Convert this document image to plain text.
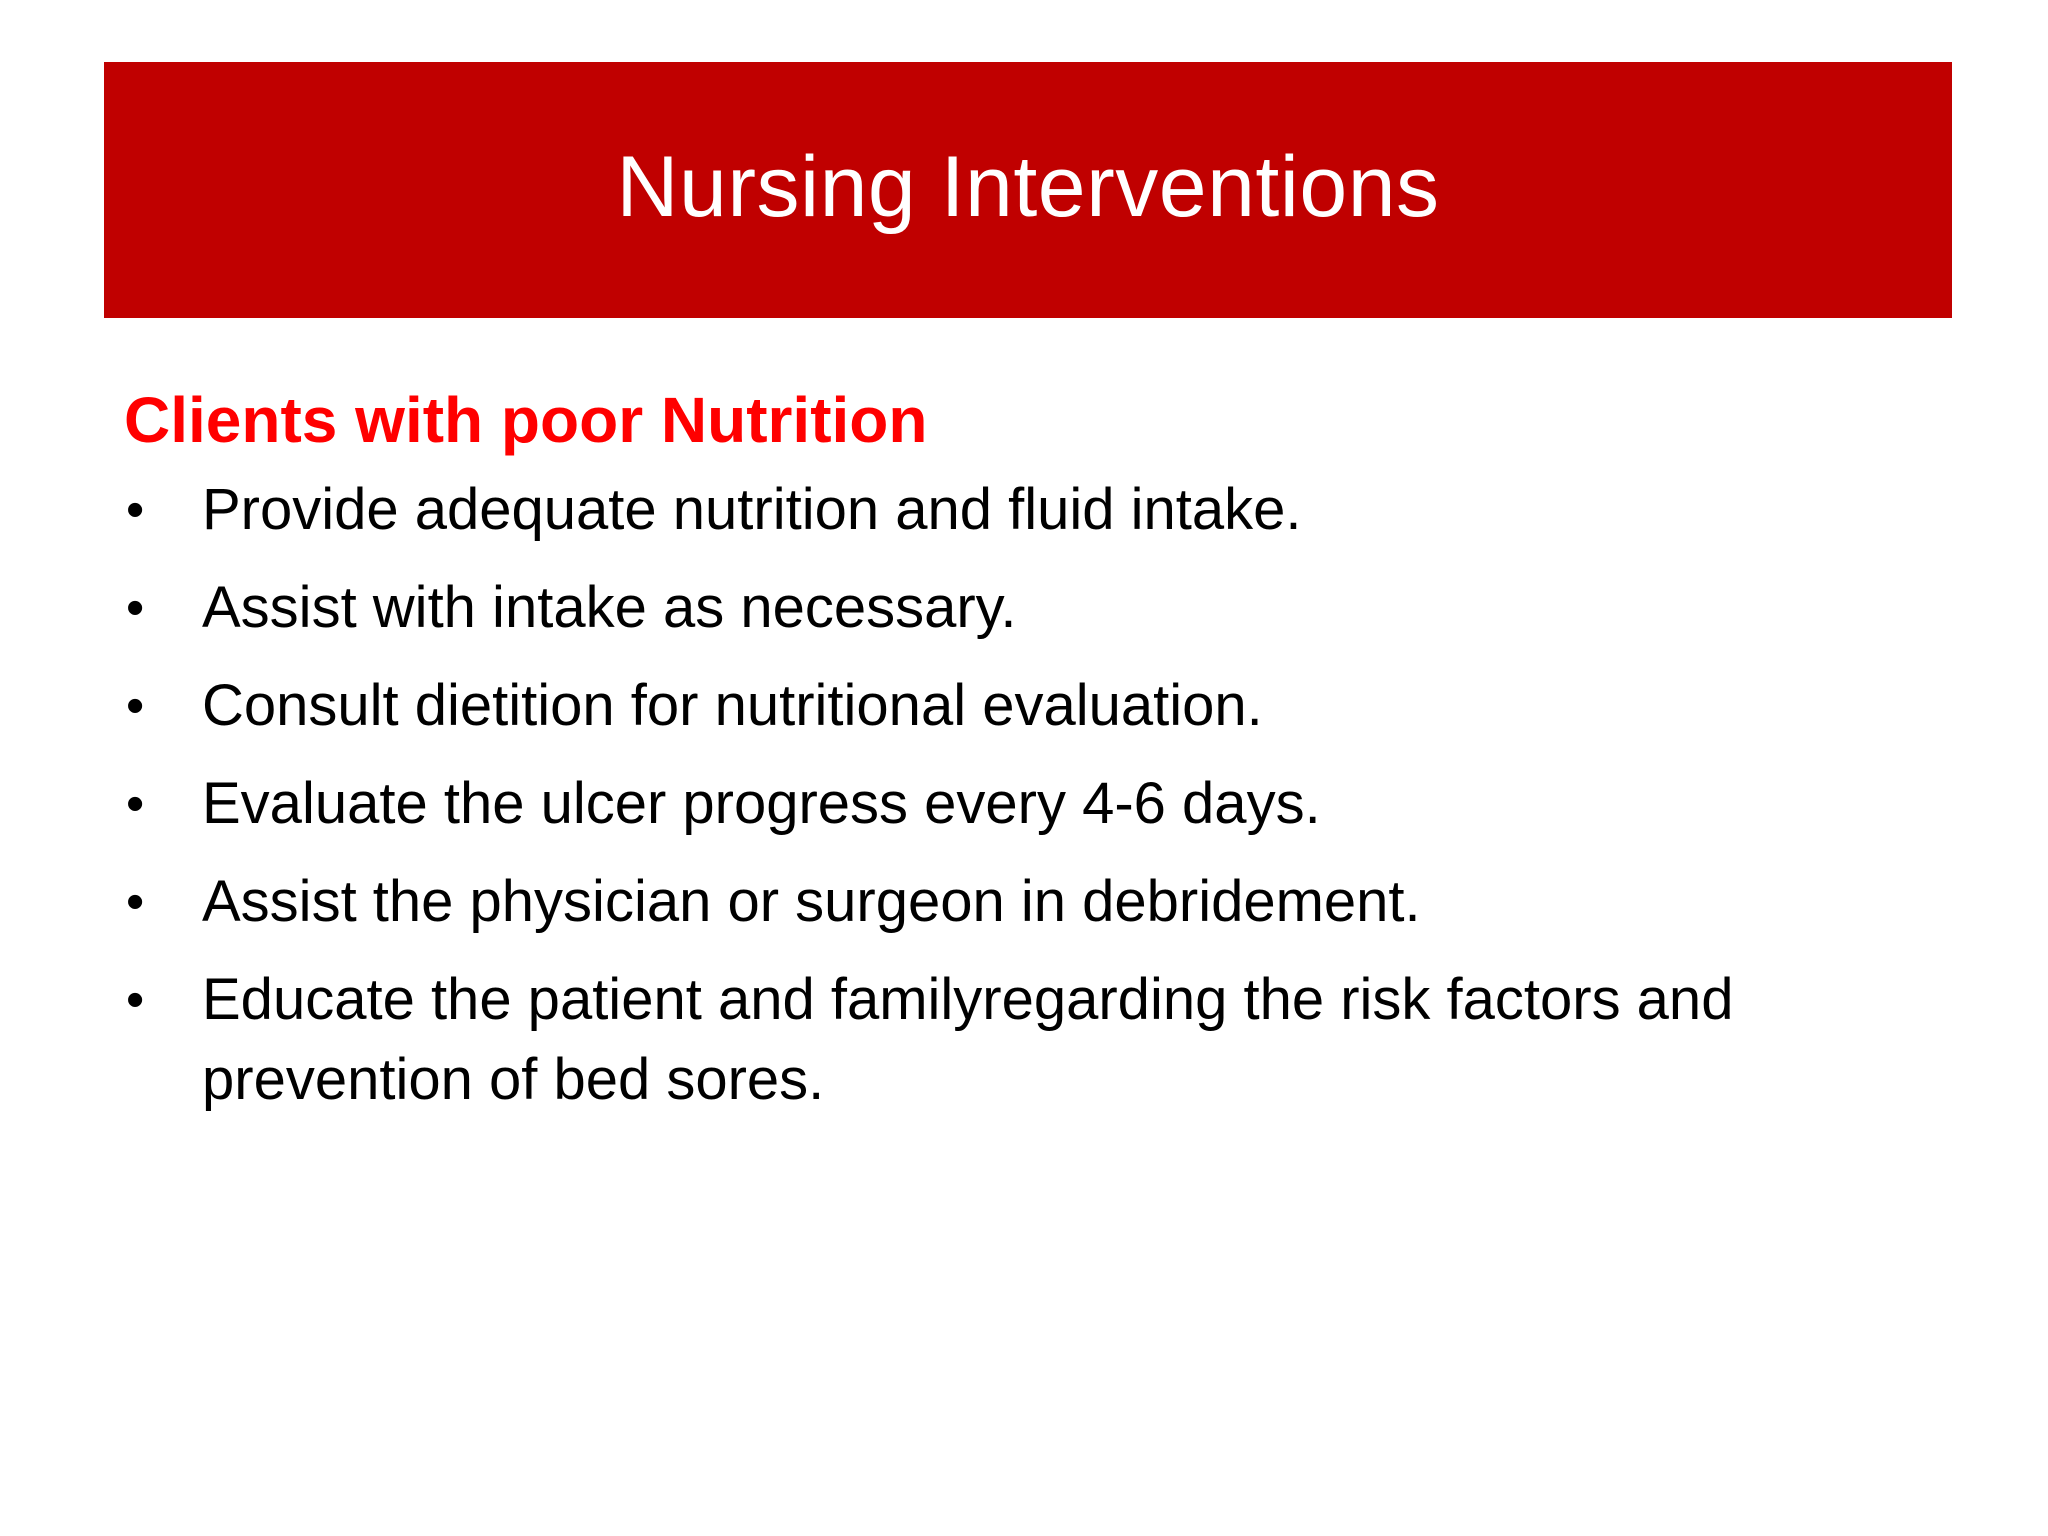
Nursing Interventions
Clients with poor Nutrition
• Provide adequate nutrition and fluid intake.
• Assist with intake as necessary.
• Consult dietition for nutritional evaluation.
• Evaluate the ulcer progress every 4-6 days.
• Assist the physician or surgeon in debridement.
• Educate the patient and familyregarding the risk factors and prevention of bed sores.
